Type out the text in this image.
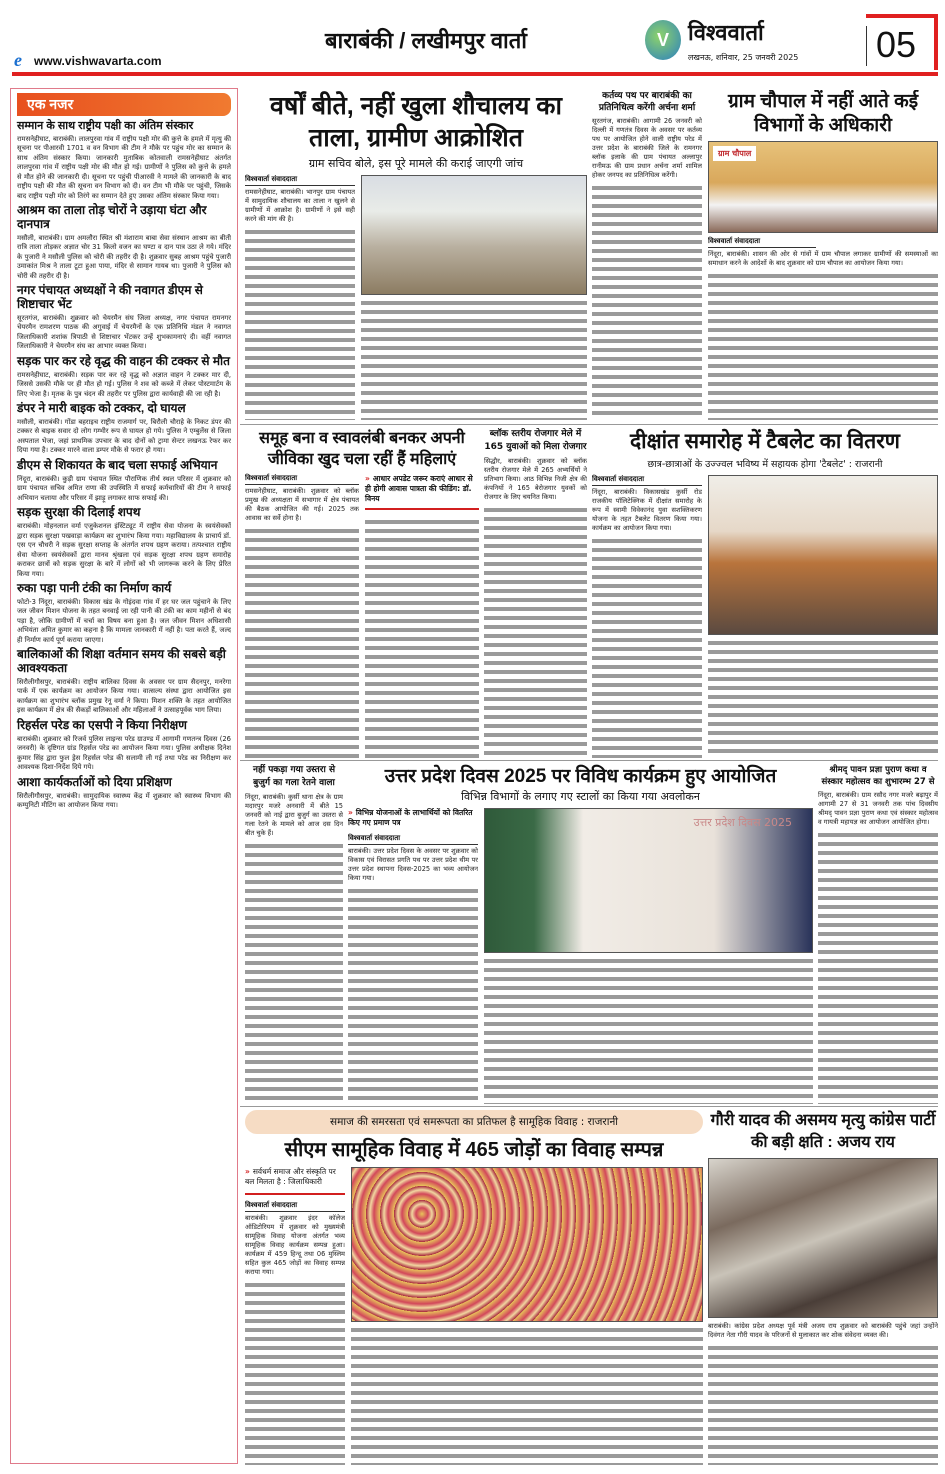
e www.vishwavarta.com
बाराबंकी / लखीमपुर वार्ता	V विश्ववार्ता
लखनऊ, शनिवार, 25 जनवरी 2025 05
एक नजर
सम्मान के साथ राष्ट्रीय पक्षी का अंतिम संस्कार
रामसनेहीघाट, बाराबंकी। लालपुरवा गांव में राष्ट्रीय पक्षी मोर की कुत्ते के हमले में मृत्यु की सूचना पर पीआरवी 1701 व वन विभाग की टीम ने मौके पर पहुंच मोर का सम्मान के साथ अंतिम संस्कार किया। जानकारी मुताबिक कोतवाली रामसनेहीघाट अंतर्गत लालपुरवा गांव में राष्ट्रीय पक्षी मोर की मौत हो गई। ग्रामीणों ने पुलिस को कुत्ते के हमले से मौत होने की जानकारी दी। सूचना पर पहुंची पीआरवी ने मामले की जानकारी के बाद राष्ट्रीय पक्षी की मौत की सूचना वन विभाग को दी। वन टीम भी मौके पर पहुंची, जिसके बाद राष्ट्रीय पक्षी मोर को तिरंगे का सम्मान देते हुए उसका अंतिम संस्कार किया गया।
आश्रम का ताला तोड़ चोरों ने उड़ाया घंटा और दानपात्र
मसौली, बाराबंकी। ग्राम अमलौरा स्थित श्री मंशाराम बाबा सेवा संस्थान आश्रम का बीती रात्रि ताला तोड़कर अज्ञात चोर 31 किलो वजन का घण्टा व दान पात्र उठा ले गये। मंदिर के पुजारी ने मसौली पुलिस को चोरी की तहरीर दी है। शुक्रवार सुबह आश्रम पहुंचे पुजारी उमाकांत मिश्र ने ताला टूटा हुआ पाया, मंदिर से सामान गायब था। पुजारी ने पुलिस को चोरी की तहरीर दी है।
नगर पंचायत अध्यक्षों ने की नवागत डीएम से शिष्टाचार भेंट
सूरतगंज, बाराबंकी। शुक्रवार को चेयरमैन संघ जिला अध्यक्ष, नगर पंचायत रामनगर चेयरमैन रामशरण पाठक की अगुवाई में चेयरमैनों के एक प्रतिनिधि मंडल ने नवागत जिलाधिकारी शशांक त्रिपाठी से शिष्टाचार भेंटकर उन्हें शुभकामनाएं दी। वहीं नवागत जिलाधिकारी ने चेयरमैन संघ का आभार व्यक्त किया।
सड़क पार कर रहे वृद्ध की वाहन की टक्कर से मौत
रामसनेहीघाट, बाराबंकी। सड़क पार कर रहे वृद्ध को अज्ञात वाहन ने टक्कर मार दी, जिससे उसकी मौके पर ही मौत हो गई। पुलिस ने शव को कब्जे में लेकर पोस्टमार्टम के लिए भेजा है। मृतक के पुत्र चंदन की तहरीर पर पुलिस द्वारा कार्यवाही की जा रही है।
डंपर ने मारी बाइक को टक्कर, दो घायल
मसौली, बाराबंकी। गोंडा बहराइच राष्ट्रीय राजमार्ग पर, बिरौली चौराहे के निकट डंपर की टक्कर से बाइक सवार दो लोग गम्भीर रूप से घायल हो गये। पुलिस ने एम्बुलेंस से जिला अस्पताल भेजा, जहां प्राथमिक उपचार के बाद दोनों को ट्रामा सेन्टर लखनऊ रेफर कर दिया गया है। टक्कर मारने वाला डम्पर मौके से फरार हो गया।
डीएम से शिकायत के बाद चला सफाई अभियान
निंदूरा, बाराबंकी। कुड़ी ग्राम पंचायत स्थित पौराणिक तीर्थ स्थल परिसर में शुक्रवार को ग्राम पंचायत सचिव अमित राणा की उपस्थिति में सफाई कर्मचारियों की टीम ने सफाई अभियान चलाया और परिसर में झाड़ू लगाकर साफ सफाई की।
सड़क सुरक्षा की दिलाई शपथ
बाराबंकी। मोहनलाल वर्मा एजुकेशनल इंस्टिट्यूट में राष्ट्रीय सेवा योजना के स्वयंसेवकों द्वारा सड़क सुरक्षा पखवाड़ा कार्यक्रम का शुभारंभ किया गया। महाविद्यालय के प्राचार्य डॉ. एस एन चौधरी ने सड़क सुरक्षा सप्ताह के अंतर्गत शपथ ग्रहण कराया। तत्पश्चात राष्ट्रीय सेवा योजना स्वयंसेवकों द्वारा मानव श्रृंखला एवं सड़क सुरक्षा शपथ ग्रहण समारोह कराकर छात्रों को सड़क सुरक्षा के बारे में लोगों को भी जागरूक करने के लिए प्रेरित किया गया।
रुका पड़ा पानी टंकी का निर्माण कार्य
फोटो-3 निंदूरा, बाराबंकी। विकास खंड के गोइंदवा गांव में हर घर जल पहुंचाने के लिए जल जीवन मिशन योजना के तहत बनवाई जा रही पानी की टंकी का काम महीनों से बंद पड़ा है, जोकि ग्रामीणों में चर्चा का विषय बना हुआ है। जल जीवन मिशन अधिशासी अभियंता अमित कुमार का कहना है कि मामला जानकारी में नहीं है। पता करते हैं, जल्द ही निर्माण कार्य पूर्ण कराया जाएगा।
बालिकाओं की शिक्षा वर्तमान समय की सबसे बड़ी आवश्यकता
सिरौलीगौसपुर, बाराबंकी। राष्ट्रीय बालिका दिवस के अवसर पर ग्राम सैदनपुर, मनरेगा पार्क में एक कार्यक्रम का आयोजन किया गया। वात्सल्य संस्था द्वारा आयोजित इस कार्यक्रम का शुभारंभ ब्लॉक प्रमुख रेनू वर्मा ने किया। मिशन शक्ति के तहत आयोजित इस कार्यक्रम में क्षेत्र की सैकड़ों बालिकाओं और महिलाओं ने उत्साहपूर्वक भाग लिया।
रिहर्सल परेड का एसपी ने किया निरीक्षण
बाराबंकी। शुक्रवार को रिजर्व पुलिस लाइन्स परेड ग्राउण्ड में आगामी गणतन्त्र दिवस (26 जनवरी) के दृष्टिगत ग्रांड रिहर्सल परेड का आयोजन किया गया। पुलिस अधीक्षक दिनेश कुमार सिंह द्वारा फुल ड्रेस रिहर्सल परेड की सलामी ली गई तथा परेड का निरीक्षण कर आवश्यक दिशा-निर्देश दिये गये।
आशा कार्यकर्ताओं को दिया प्रशिक्षण
सिरौलीगौसपुर, बाराबंकी। सामुदायिक स्वास्थ्य केंद्र में शुक्रवार को स्वास्थ्य विभाग की कम्युनिटी मीटिंग का आयोजन किया गया।
वर्षों बीते, नहीं खुला शौचालय का ताला, ग्रामीण आक्रोशित
ग्राम सचिव बोले, इस पूरे मामले की कराई जाएगी जांच
विश्ववार्ता संवाददाता
रामसनेहीघाट, बाराबंकी। भानपुर ग्राम पंचायत में सामुदायिक शौचालय का ताला न खुलने से ग्रामीणों में आक्रोश है। ग्रामीणों ने इसे सही करने की मांग की है।
कर्तव्य पथ पर बाराबंकी का प्रतिनिधित्व करेंगी अर्चना शर्मा
सूरतगंज, बाराबंकी। आगामी 26 जनवरी को दिल्ली में गणतंत्र दिवस के अवसर पर कर्तव्य पथ पर आयोजित होने वाली राष्ट्रीय परेड में उत्तर प्रदेश के बाराबंकी जिले के रामनगर ब्लॉक इलाके की ग्राम पंचायत अल्लापुर रानीमऊ की ग्राम प्रधान अर्चना शर्मा शामिल होकर जनपद का प्रतिनिधित्व करेंगी।
ग्राम चौपाल में नहीं आते कई विभागों के अधिकारी
ग्राम चौपाल
विश्ववार्ता संवाददाता
निंदूरा, बाराबंकी। शासन की ओर से गांवों में ग्राम चौपाल लगाकर ग्रामीणों की समस्याओं का समाधान करने के आदेशों के बाद शुक्रवार को ग्राम चौपाल का आयोजन किया गया।
समूह बना व स्वावलंबी बनकर अपनी जीविका खुद चला रहीं हैं महिलाएं
विश्ववार्ता संवाददाता
रामसनेहीघाट, बाराबंकी। शुक्रवार को ब्लॉक प्रमुख की अध्यक्षता में सभागार में क्षेत्र पंचायत की बैठक आयोजित की गई। 2025 तक आवास का सर्वे होना है।
» आधार अपडेट जरूर कराएं आधार से ही होगी आवास पात्रता की फीडिंग: डॉ. विनय
ब्लॉक स्तरीय रोजगार मेले में 165 युवाओं को मिला रोजगार
सिद्धौर, बाराबंकी। शुक्रवार को ब्लॉक स्तरीय रोजगार मेले में 265 अभ्यर्थियों ने प्रतिभाग किया। आठ विभिन्न निजी क्षेत्र की कंपनियों ने 165 बेरोजगार युवकों को रोजगार के लिए चयनित किया।
दीक्षांत समारोह में टैबलेट का वितरण
छात्र-छात्राओं के उज्ज्वल भविष्य में सहायक होगा 'टैबलेट' : राजरानी
विश्ववार्ता संवाददाता
निंदूरा, बाराबंकी। विकासखंड कुर्सी रोड राजकीय पॉलिटेक्निक में दीक्षांत समारोह के रूप में स्वामी विवेकानंद युवा सशक्तिकरण योजना के तहत टैबलेट वितरण किया गया। कार्यक्रम का आयोजन किया गया।
नहीं पकड़ा गया उस्तरा से बुजुर्ग का गला रेतने वाला
निंदूरा, बाराबंकी। कुर्सी थाना क्षेत्र के ग्राम मदारपुर मजरे अनवारी में बीते 15 जनवरी को नाई द्वारा बुजुर्ग का उस्तरा से गला रेतने के मामले को आज दस दिन बीत चुके हैं।
उत्तर प्रदेश दिवस 2025 पर विविध कार्यक्रम हुए आयोजित
विभिन्न विभागों के लगाए गए स्टालों का किया गया अवलोकन
» विभिन्न योजनाओं के लाभार्थियों को वितरित किए गए प्रमाण पत्र
विश्ववार्ता संवाददाता
बाराबंकी। उत्तर प्रदेश दिवस के अवसर पर शुक्रवार को विकास एवं विरासत प्रगति पथ पर उत्तर प्रदेश थीम पर उत्तर प्रदेश स्थापना दिवस-2025 का भव्य आयोजन किया गया।
उत्तर प्रदेश दिवस 2025
श्रीमद् पावन प्रज्ञा पुराण कथा व संस्कार महोत्सव का शुभारम्भ 27 से
निंदूरा, बाराबंकी। ग्राम रसौद नगर मजरे बढ़ापुर में आगामी 27 से 31 जनवरी तक पांच दिवसीय श्रीमद् पावन प्रज्ञा पुराण कथा एवं संस्कार महोत्सव व गायत्री महायज्ञ का आयोजन आयोजित होगा।
समाज की समरसता एवं समरूपता का प्रतिफल है सामूहिक विवाह : राजरानी
सीएम सामूहिक विवाह में 465 जोड़ों का विवाह सम्पन्न
» सर्वधर्म समाज और संस्कृति पर बल मिलता है : जिलाधिकारी
विश्ववार्ता संवाददाता
बाराबंकी। शुक्रवार इंदर कॉलेज ऑडिटोरियम में शुक्रवार को मुख्यमंत्री सामूहिक विवाह योजना अंतर्गत भव्य सामूहिक विवाह कार्यक्रम सम्पन्न हुआ। कार्यक्रम में 459 हिन्दू तथा 06 मुस्लिम सहित कुल 465 जोड़ों का विवाह सम्पन्न कराया गया।
गौरी यादव की असमय मृत्यु कांग्रेस पार्टी की बड़ी क्षति : अजय राय
बाराबंकी। कांग्रेस प्रदेश अध्यक्ष पूर्व मंत्री अजय राय शुक्रवार को बाराबंकी पहुंचे जहां उन्होंने दिवंगत नेता गौरी यादव के परिजनों से मुलाकात कर शोक संवेदना व्यक्त की।
